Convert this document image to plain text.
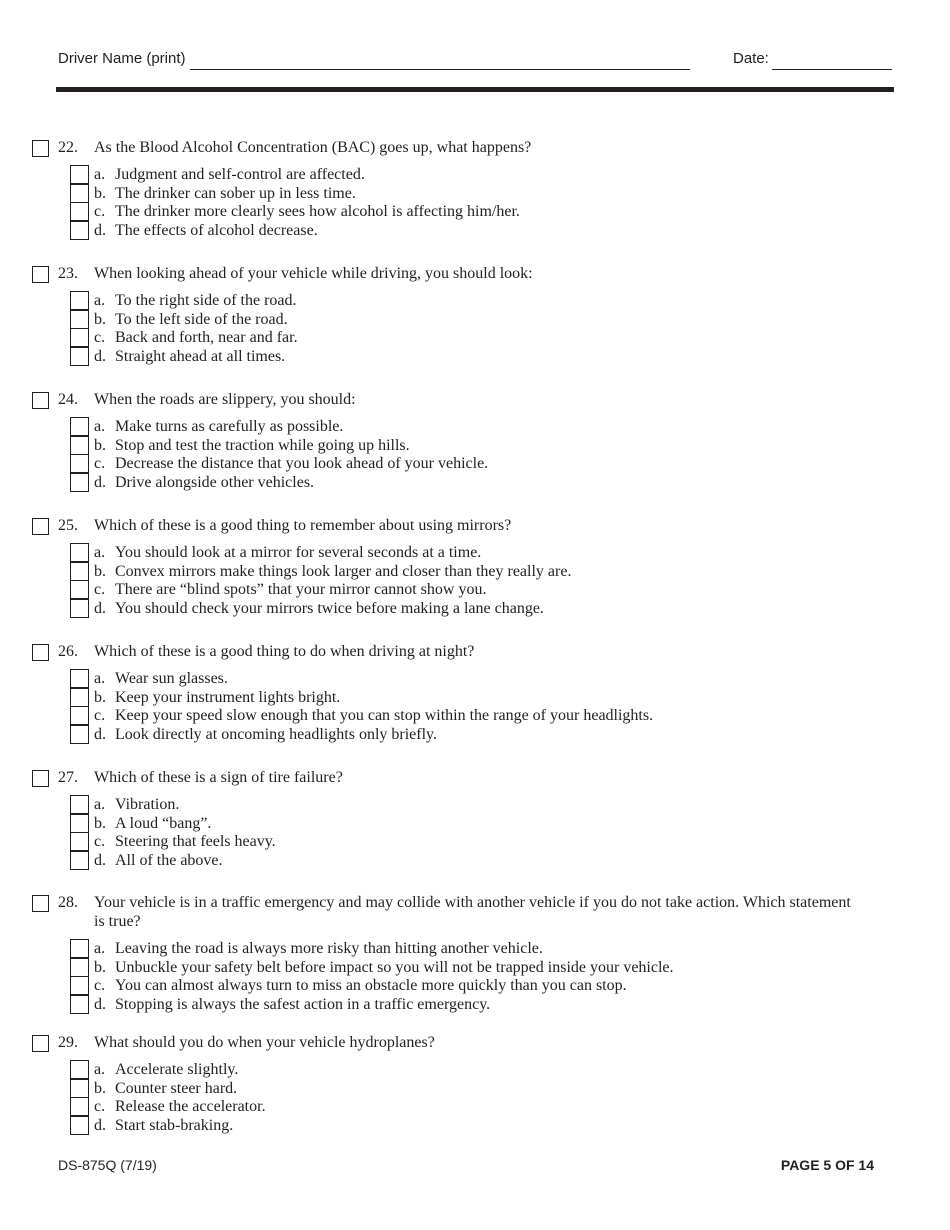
Driver Name (print)	Date:
22. As the Blood Alcohol Concentration (BAC) goes up, what happens?
a. Judgment and self-control are affected.
b. The drinker can sober up in less time.
c. The drinker more clearly sees how alcohol is affecting him/her.
d. The effects of alcohol decrease.
23. When looking ahead of your vehicle while driving, you should look:
a. To the right side of the road.
b. To the left side of the road.
c. Back and forth, near and far.
d. Straight ahead at all times.
24. When the roads are slippery, you should:
a. Make turns as carefully as possible.
b. Stop and test the traction while going up hills.
c. Decrease the distance that you look ahead of your vehicle.
d. Drive alongside other vehicles.
25. Which of these is a good thing to remember about using mirrors?
a. You should look at a mirror for several seconds at a time.
b. Convex mirrors make things look larger and closer than they really are.
c. There are “blind spots” that your mirror cannot show you.
d. You should check your mirrors twice before making a lane change.
26. Which of these is a good thing to do when driving at night?
a. Wear sun glasses.
b. Keep your instrument lights bright.
c. Keep your speed slow enough that you can stop within the range of your headlights.
d. Look directly at oncoming headlights only briefly.
27. Which of these is a sign of tire failure?
a. Vibration.
b. A loud “bang”.
c. Steering that feels heavy.
d. All of the above.
28. Your vehicle is in a traffic emergency and may collide with another vehicle if you do not take action. Which statement is true?
a. Leaving the road is always more risky than hitting another vehicle.
b. Unbuckle your safety belt before impact so you will not be trapped inside your vehicle.
c. You can almost always turn to miss an obstacle more quickly than you can stop.
d. Stopping is always the safest action in a traffic emergency.
29. What should you do when your vehicle hydroplanes?
a. Accelerate slightly.
b. Counter steer hard.
c. Release the accelerator.
d. Start stab-braking.
DS-875Q (7/19)	PAGE 5 OF 14
